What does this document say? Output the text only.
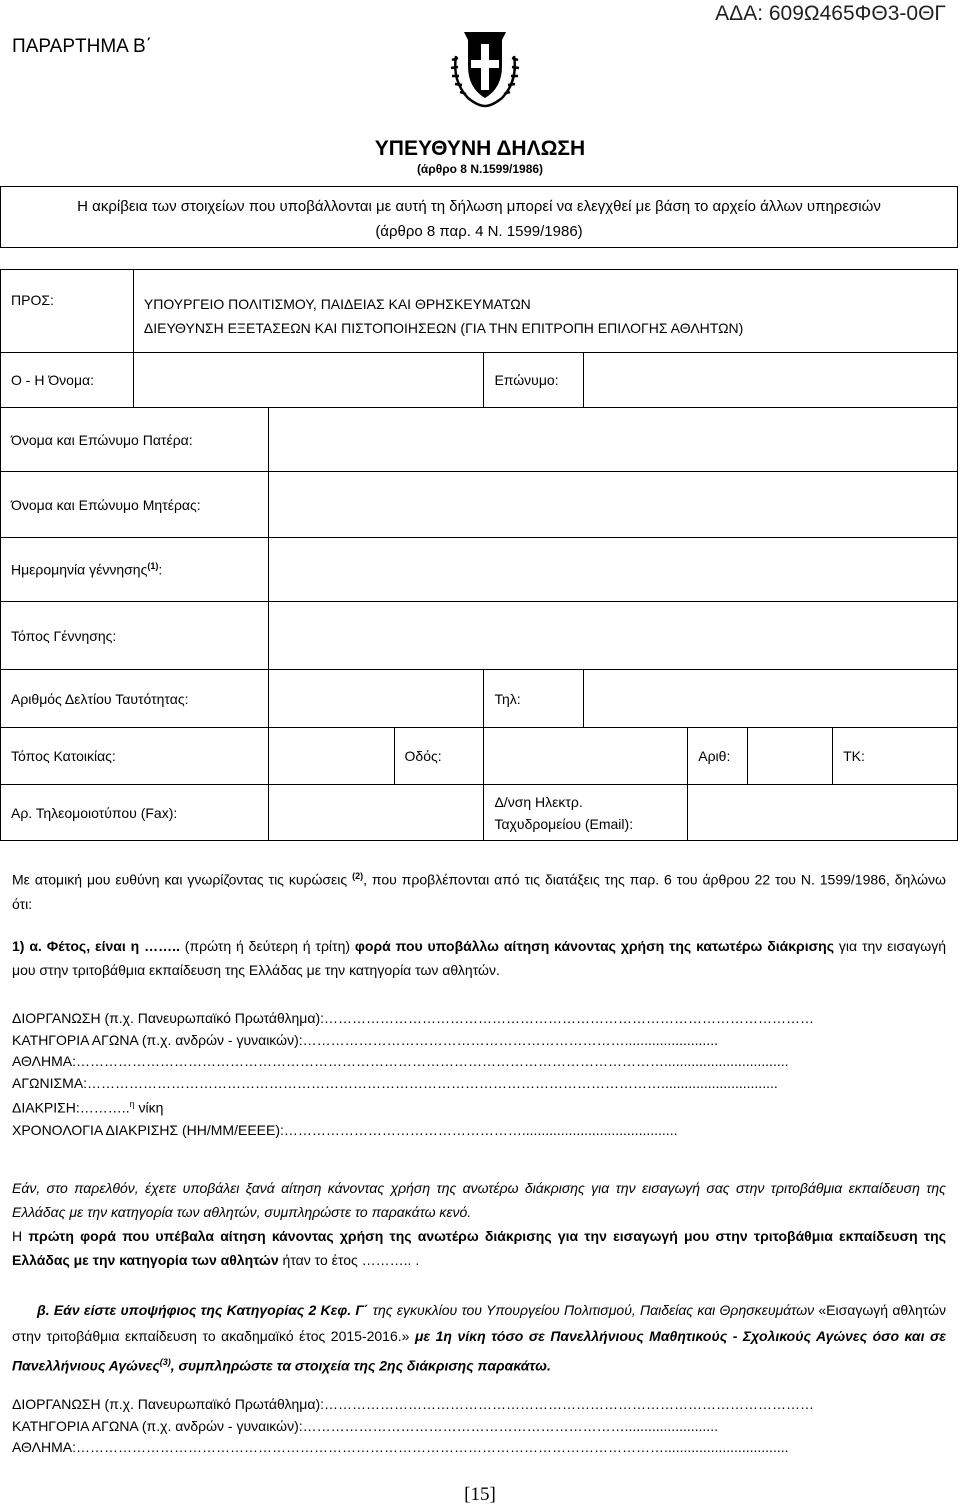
ΠΑΡΑΡΤΗΜΑ Β΄
ΑΔΑ: 609Ω465ΦΘ3-0ΘΓ
ΥΠΕΥΘΥΝΗ ΔΗΛΩΣΗ
(άρθρο 8 Ν.1599/1986)
Η ακρίβεια των στοιχείων που υποβάλλονται με αυτή τη δήλωση μπορεί να ελεγχθεί με βάση το αρχείο άλλων υπηρεσιών
(άρθρο 8 παρ. 4 Ν. 1599/1986)
ΠΡΟΣ:	ΥΠΟΥΡΓΕΙΟ ΠΟΛΙΤΙΣΜΟΥ, ΠΑΙΔΕΙΑΣ ΚΑΙ ΘΡΗΣΚΕΥΜΑΤΩΝ
ΔΙΕΥΘΥΝΣΗ ΕΞΕΤΑΣΕΩΝ ΚΑΙ ΠΙΣΤΟΠΟΙΗΣΕΩΝ (ΓΙΑ ΤΗΝ ΕΠΙΤΡΟΠΗ ΕΠΙΛΟΓΗΣ ΑΘΛΗΤΩΝ)							

Ο - Η Όνομα:				Επώνυμο:				
Όνομα και Επώνυμο Πατέρα:								
Όνομα και Επώνυμο Μητέρας:								
Ημερομηνία γέννησης$^{(1)}$:								
Τόπος Γέννησης:								
Αριθμός Δελτίου Ταυτότητας:				Τηλ:				
Τόπος Κατοικίας:			Οδός:			Αριθ:		ΤΚ:
Αρ. Τηλεομοιοτύπου (Fax):				Δ/νση Ηλεκτρ.
Ταχυδρομείου (Email):				

Με ατομική μου ευθύνη και γνωρίζοντας τις κυρώσεις $^{(2)}$, που προβλέπονται από τις διατάξεις της παρ. 6 του άρθρου 22 του Ν. 1599/1986, δηλώνω ότι:
1) α. Φέτος, είναι η …….. (πρώτη ή δεύτερη ή τρίτη) φορά που υποβάλλω αίτηση κάνοντας χρήση της κατωτέρω διάκρισης για την εισαγωγή μου στην τριτοβάθμια εκπαίδευση της Ελλάδας με την κατηγορία των αθλητών.
ΔΙΟΡΓΑΝΩΣΗ (π.χ. Πανευρωπαϊκό Πρωτάθλημα):……………………………………………………………………………………………
ΚΑΤΗΓΟΡΙΑ ΑΓΩΝΑ (π.χ. ανδρών - γυναικών):……………………………………………………………........................
ΑΘΛΗΜΑ:………………………………………………………………………………………………………………................................
ΑΓΩΝΙΣΜΑ:……………………………………………………………………………………………………………..............................
ΔΙΑΚΡΙΣΗ:………..$^\eta$ νίκη
ΧΡΟΝΟΛΟΓΙΑ ΔΙΑΚΡΙΣΗΣ (ΗΗ/ΜΜ/ΕΕΕΕ):……………………………………………........................................
Εάν, στο παρελθόν, έχετε υποβάλει ξανά αίτηση κάνοντας χρήση της ανωτέρω διάκρισης για την εισαγωγή σας στην τριτοβάθμια εκπαίδευση της Ελλάδας με την κατηγορία των αθλητών, συμπληρώστε το παρακάτω κενό.
Η πρώτη φορά που υπέβαλα αίτηση κάνοντας χρήση της ανωτέρω διάκρισης για την εισαγωγή μου στην τριτοβάθμια εκπαίδευση της Ελλάδας με την κατηγορία των αθλητών ήταν το έτος ……….. .
β. Εάν είστε υποψήφιος της Κατηγορίας 2 Κεφ. Γ΄ της εγκυκλίου του Υπουργείου Πολιτισμού, Παιδείας και Θρησκευμάτων «Εισαγωγή αθλητών στην τριτοβάθμια εκπαίδευση το ακαδημαϊκό έτος 2015-2016.» με 1η νίκη τόσο σε Πανελλήνιους Μαθητικούς - Σχολικούς Αγώνες όσο και σε Πανελλήνιους Αγώνες$^{(3)}$, συμπληρώστε τα στοιχεία της 2ης διάκρισης παρακάτω.
ΔΙΟΡΓΑΝΩΣΗ (π.χ. Πανευρωπαϊκό Πρωτάθλημα):……………………………………………………………………………………………
ΚΑΤΗΓΟΡΙΑ ΑΓΩΝΑ (π.χ. ανδρών - γυναικών):……………………………………………………………........................
ΑΘΛΗΜΑ:………………………………………………………………………………………………………………................................
[15]
